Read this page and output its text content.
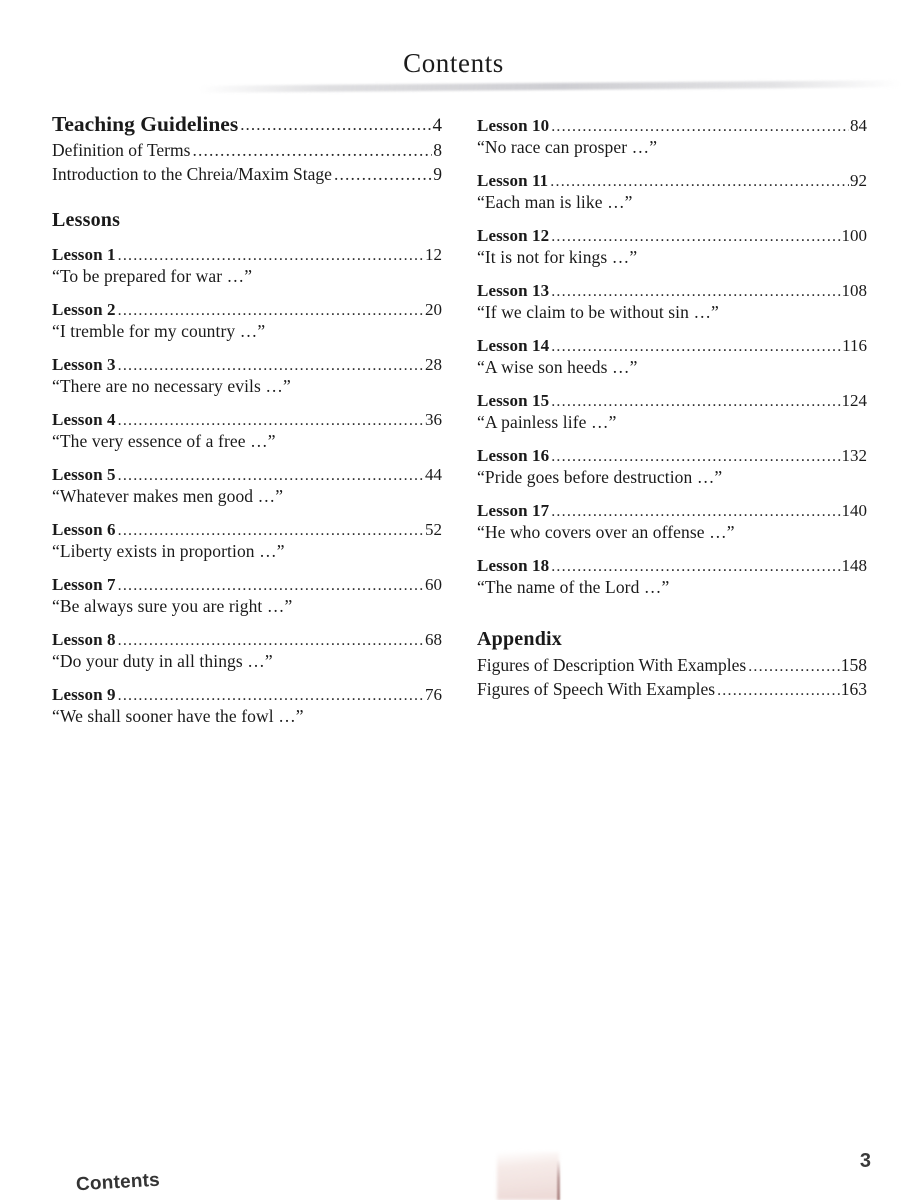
Contents
Teaching Guidelines .....	4
Definition of Terms .....	8
Introduction to the Chreia/Maxim Stage .....	9
Lessons
Lesson 1 .....	12
“To be prepared for war …”
Lesson 2 .....	20
“I tremble for my country …”
Lesson 3 .....	28
“There are no necessary evils …”
Lesson 4 .....	36
“The very essence of a free …”
Lesson 5 .....	44
“Whatever makes men good …”
Lesson 6 .....	52
“Liberty exists in proportion …”
Lesson 7 .....	60
“Be always sure you are right …”
Lesson 8 .....	68
“Do your duty in all things …”
Lesson 9 .....	76
“We shall sooner have the fowl …”
Lesson 10 .....	84
“No race can prosper …”
Lesson 11 .....	92
“Each man is like …”
Lesson 12 .....	100
“It is not for kings …”
Lesson 13 .....	108
“If we claim to be without sin …”
Lesson 14 .....	116
“A wise son heeds …”
Lesson 15 .....	124
“A painless life …”
Lesson 16 .....	132
“Pride goes before destruction …”
Lesson 17 .....	140
“He who covers over an offense …”
Lesson 18 .....	148
“The name of the Lord …”
Appendix
Figures of Description With Examples .....	158
Figures of Speech With Examples .....	163
Contents
3
